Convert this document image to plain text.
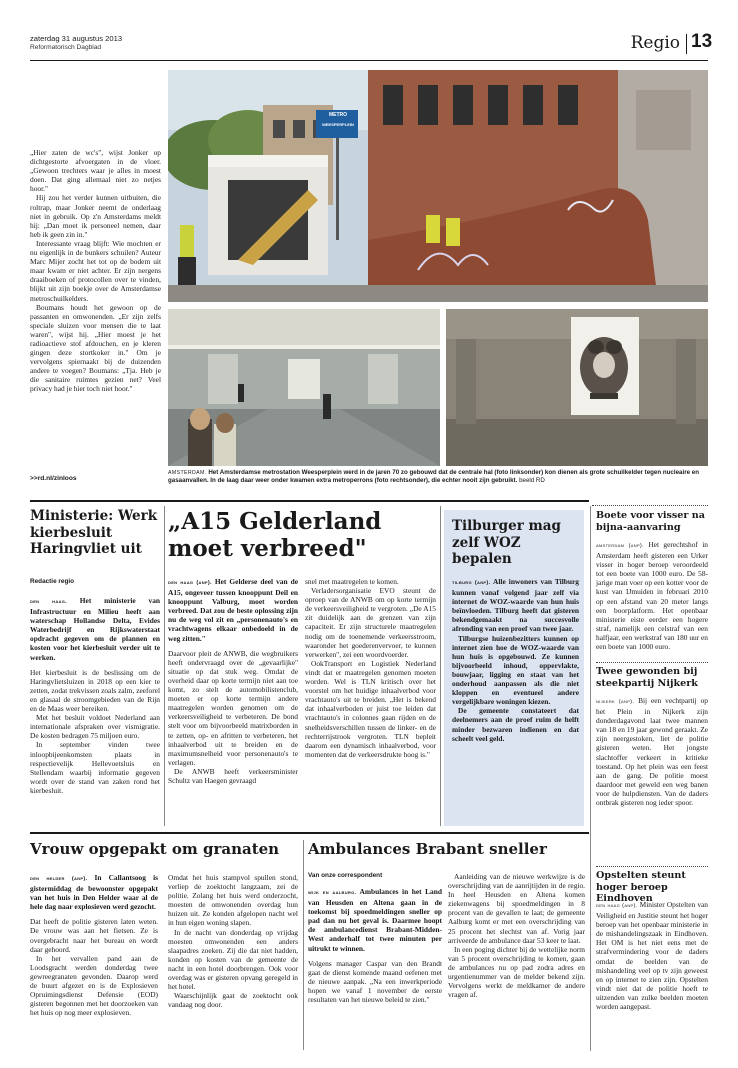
zaterdag 31 augustus 2013
Reformatorisch Dagblad	Regio 13

„Hier zaten de wc's", wijst Jonker op dichtgestorte afvoergaten in de vloer. „Gewoon trechters waar je alles in moest doen. Dat ging allemaal niet zo netjes hoor."

Hij zou het verder kunnen uitbuiten, die roltrap, maar Jonker neemt de onderlaag niet in gebruik. Op z'n Amsterdams meldt hij: „Dan moet ik personeel nemen, daar heb ik geen zin in."

Interessante vraag blijft: Wie mochten er nu eigenlijk in de bunkers schuilen? Auteur Marc Mijer zocht het tot op de bodem uit maar kwam er niet achter. Er zijn nergens draaiboeken of protocollen over te vinden, blijkt uit zijn boekje over de Amsterdamse metroschuilkelders.

Boumans houdt het gewoon op de passanten en omwonenden. „Er zijn zelfs speciale sluizen voor mensen die te laat waren", wijst hij. „Hier moest je het radioactieve stof afdouchen, en je kleren gingen deze stortkoker in." Om je vervolgens spiernaakt bij de duizenden andere te voegen? Boumans: „Tja. Heb je die sanitaire ruimtes gezien net? Veel privacy had je hier toch niet hoor."

>>rd.nl/zinloos
METRO
WEESPERPLEIN
AMSTERDAM. Het Amsterdamse metrostation Weesperplein werd in de jaren 70 zo gebouwd dat de centrale hal (foto linksonder) kon dienen als grote schuilkelder tegen nucleaire en gasaanvallen. In de laag daar weer onder kwamen extra metroperrons (foto rechtsonder), die echter nooit zijn gebruikt. beeld RD
Ministerie: Werk kierbesluit Haringvliet uit
Redactie regio

den haag. Het ministerie van Infrastructuur en Milieu heeft aan waterschap Hollandse Delta, Evides Waterbedrijf en Rijkswaterstaat opdracht gegeven om de plannen en kosten voor het kierbesluit verder uit te werken.

Het kierbesluit is de beslissing om de Haringvlietsluizen in 2018 op een kier te zetten, zodat trekvissen zoals zalm, zeeforel en glasaal de stroomgebieden van de Rijn en de Maas weer bereiken.

Met het besluit voldoet Nederland aan internationale afspraken over vismigratie. De kosten bedragen 75 miljoen euro.

In september vinden twee inloopbijeenkomsten plaats in respectievelijk Hellevoetsluis en Stellendam waarbij informatie gegeven wordt over de stand van zaken rond het kierbesluit.

„A15 Gelderland
moet verbreed"

den haag (anp). Het Gelderse deel van de A15, ongeveer tussen knooppunt Deil en knooppunt Valburg, moet worden verbreed. Dat zou de beste oplossing zijn nu de weg vol zit en „personenauto's en vrachtwagens elkaar onbedoeld in de weg zitten."

Daarvoor pleit de ANWB, die wegbruikers heeft ondervraagd over de „gevaarlijke" situatie op dat stuk weg. Omdat de overheid daar op korte termijn niet aan toe komt, zo stelt de automobilistenclub, moeten er op korte termijn andere maatregelen worden genomen om de verkeersveiligheid te verbeteren. De bond stelt voor om bijvoorbeeld matrixborden in te zetten, op- en afritten te verbeteren, het inhaalverbod uit te breiden en de maximumsnelheid voor personenauto's te verlagen.

De ANWB heeft verkeersminister Schultz van Haegen gevraagd

snel met maatregelen te komen.

Verladersorganisatie EVO steunt de oproep van de ANWB om op korte termijn de verkeersveiligheid te vergroten. „De A15 zit duidelijk aan de grenzen van zijn capaciteit. Er zijn structurele maatregelen nodig om de toenemende verkeersstroom, waaronder het goederenvervoer, te kunnen verwerken", zei een woordvoerder.

OokTransport en Logistiek Nederland vindt dat er maatregelen genomen moeten worden. Wel is TLN kritisch over het voorstel om het huidige inhaalverbod voor vrachtauto's uit te breiden. „Het is bekend dat inhaalverboden er juist toe leiden dat vrachtauto's in colonnes gaan rijden en de snelheidsverschillen tussen de linker- en de rechterrijstrook vergroten. TLN bepleit daarom een dynamisch inhaalverbod, voor momenten dat de verkeersdrukte hoog is."

Tilburger mag zelf WOZ bepalen

tilburg (anp). Alle inwoners van Tilburg kunnen vanaf volgend jaar zelf via internet de WOZ-waarde van hun huis beïnvloeden. Tilburg heeft dat gisteren bekendgemaakt na succesvolle afronding van een proef van twee jaar.

Tilburgse huizenbezitters kunnen op internet zien hoe de WOZ-waarde van hun huis is opgebouwd. Ze kunnen bijvoorbeeld inhoud, oppervlakte, bouwjaar, ligging en staat van het onderhoud aanpassen als die niet kloppen en eventueel andere vergelijkbare woningen kiezen.

De gemeente constateert dat deelnemers aan de proef ruim de helft minder bezwaren indienen en dat scheelt veel geld.

Boete voor visser na bijna-aanvaring

amsterdam (anp). Het gerechtshof in Amsterdam heeft gisteren een Urker visser in hoger beroep veroordeeld tot een boete van 1000 euro. De 58-jarige man voer op een kotter voor de kust van IJmuiden in februari 2010 op een afstand van 20 meter langs een boorplatform. Het openbaar ministerie eiste eerder een hogere straf, namelijk een celstraf van een halfjaar, een werkstraf van 180 uur en een boete van 1000 euro.

Twee gewonden bij steekpartij Nijkerk

nijkerk (anp). Bij een vechtpartij op het Plein in Nijkerk zijn donderdagavond laat twee mannen van 18 en 19 jaar gewond geraakt. Ze zijn neergestoken, liet de politie gisteren weten. Het jongste slachtoffer verkeert in kritieke toestand. Op het plein was een feest aan de gang. De politie moest daardoor met geweld een weg banen voor de hulpdiensten. Van de daders ontbrak gisteren nog ieder spoor.

Opstelten steunt hoger beroep Eindhoven

den haag (anp). Minister Opstelten van Veiligheid en Justitie steunt het hoger beroep van het openbaar ministerie in de mishandelingszaak in Eindhoven. Het OM is het niet eens met de strafvermindering voor de daders omdat de beelden van de mishandeling veel op tv zijn geweest en op internet te zien zijn. Opstelten vindt niet dat de politie hoeft te uitzenden van zulke beelden moeten worden aangepast.

Vrouw opgepakt om granaten

den helder (anp). In Callantsoog is gistermiddag de bewoonster opgepakt van het huis in Den Helder waar al de hele dag naar explosieven werd gezocht.

Dat heeft de politie gisteren laten weten. De vrouw was aan het fietsen. Ze is overgebracht naar het bureau en wordt daar gehoord.

In het vervallen pand aan de Loodsgracht werden donderdag twee gewreegranaten gevonden. Daarop werd de buurt afgezet en is de Explosieven Opruimingsdienst Defensie (EOD) gisteren begonnen met het doorzoeken van het huis op nog meer explosieven.

Omdat het huis stampvol spullen stond, verliep de zoektocht langzaam, zei de politie. Zolang het huis werd onderzocht, moesten de omwonenden overdag hun huizen uit. Ze konden afgelopen nacht wel in hun eigen woning slapen.

In de nacht van donderdag op vrijdag moesten omwonenden een anders slaapadres zoeken. Zij die dat niet hadden, konden op kosten van de gemeente de nacht in een hotel doorbrengen. Ook voor overdag was er gisteren opvang geregeld in het hotel.

Waarschijnlijk gaat de zoektocht ook vandaag nog door.

Ambulances Brabant sneller
Van onze correspondent

wijk en aalburg. Ambulances in het Land van Heusden en Altena gaan in de toekomst bij spoedmeldingen sneller op pad dan nu het geval is. Daarmee hoopt de ambulancedienst Brabant-Midden-West anderhalf tot twee minuten per uitrukt te winnen.

Volgens manager Caspar van den Brandt gaat de dienst komende maand oefenen met de nieuwe aanpak. „Na een inwerkperiode hopen we vanaf 1 november de eerste resultaten van het nieuwe beleid te zien."

Aanleiding van de nieuwe werkwijze is de overschrijding van de aanrijtijden in de regio. In heel Heusden en Altena komen ziekenwagens bij spoedmeldingen in 8 procent van de gevallen te laat; de gemeente Aalburg komt er met een overschrijding van 25 procent het slechtst van af. Vorig jaar arriveerde de ambulance daar 53 keer te laat.

In een poging dichter bij de wettelijke norm van 5 procent overschrijding te komen, gaan de ambulances nu op pad zodra adres en urgentienummer van de melder bekend zijn. Vervolgens werkt de meldkamer de andere vragen af.
